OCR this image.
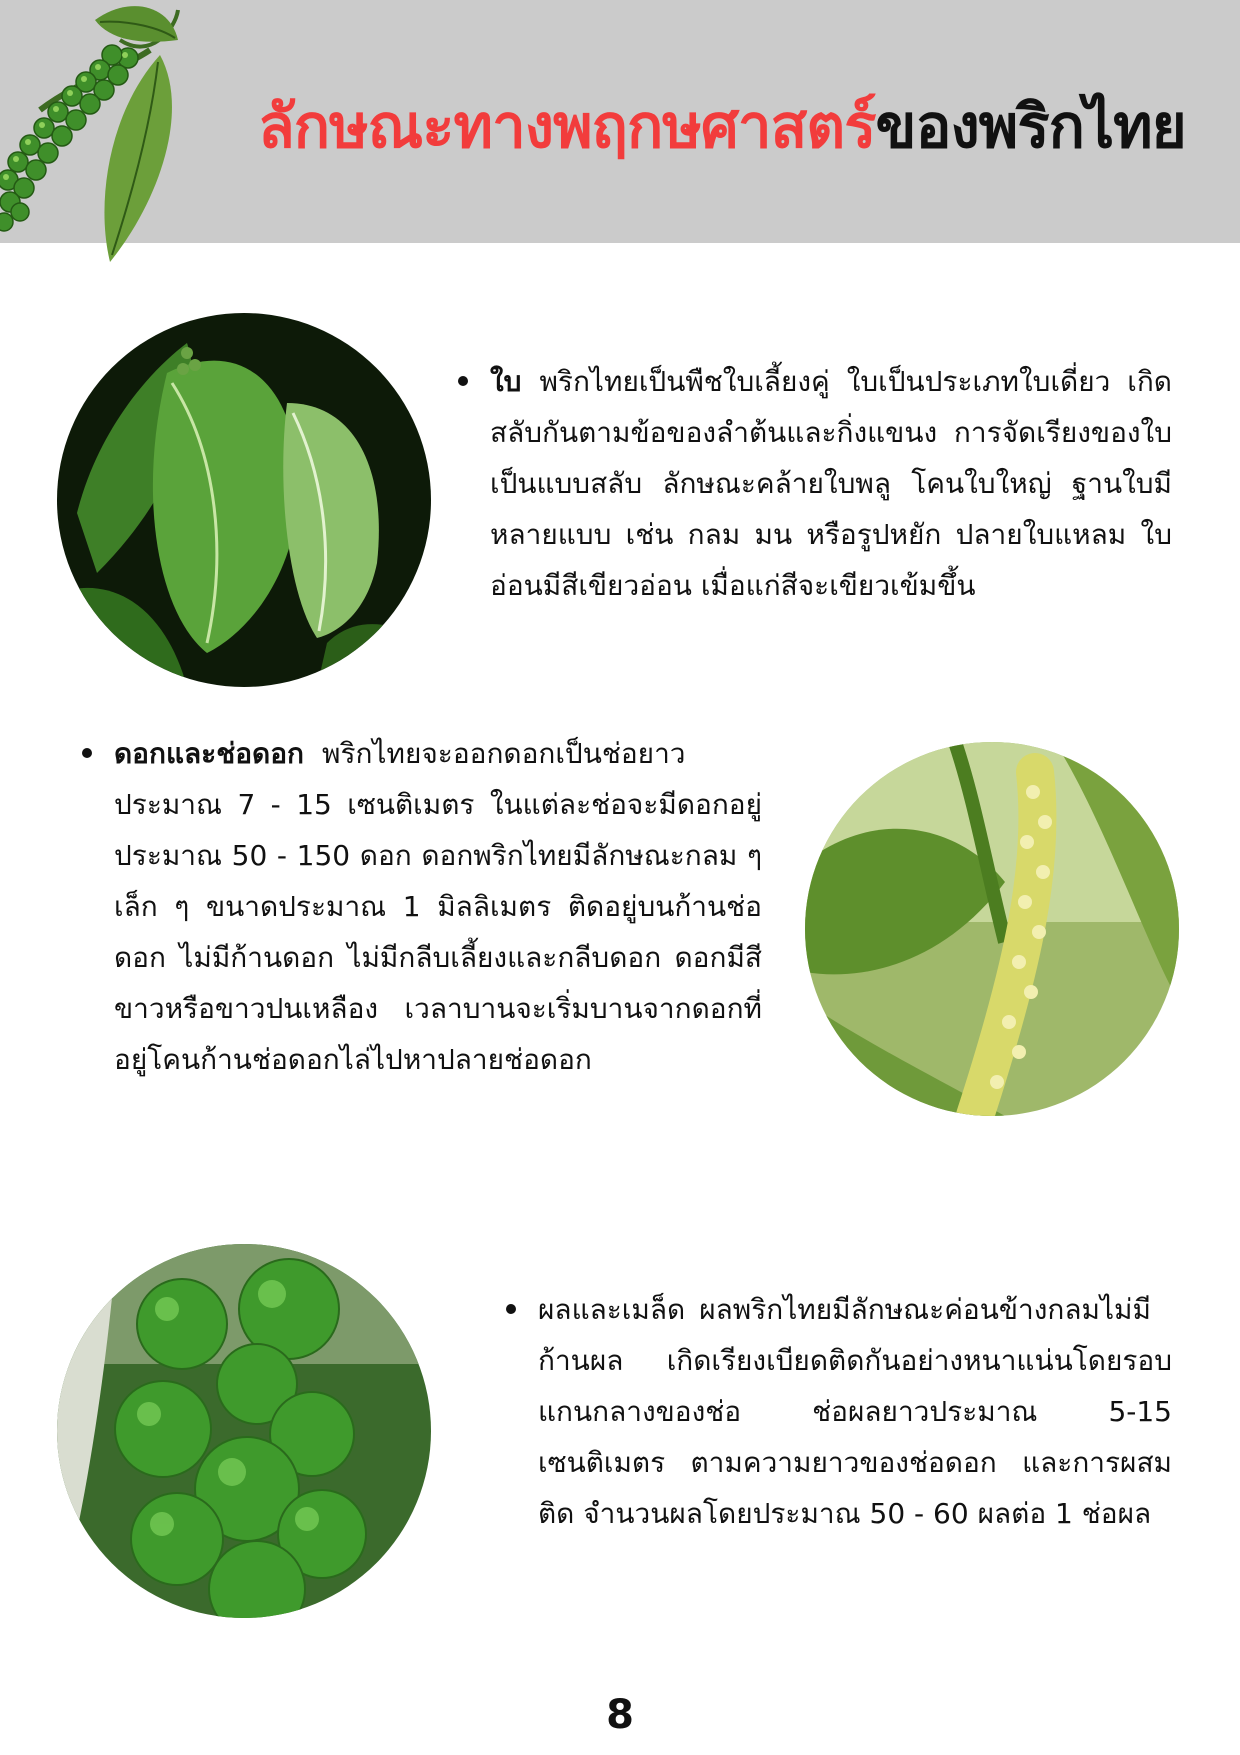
ลักษณะทางพฤกษศาสตร์ของพริกไทย
ใบ พริกไทยเป็นพืชใบเลี้ยงคู่ ใบเป็นประเภทใบเดี่ยว เกิดสลับกันตามข้อของลำต้นและกิ่งแขนง การจัดเรียงของใบเป็นแบบสลับ ลักษณะคล้ายใบพลู โคนใบใหญ่ ฐานใบมีหลายแบบ เช่น กลม มน หรือรูปหยัก ปลายใบแหลม ใบอ่อนมีสีเขียวอ่อน เมื่อแก่สีจะเขียวเข้มขึ้น
ดอกและช่อดอก พริกไทยจะออกดอกเป็นช่อยาวประมาณ 7 - 15 เซนติเมตร ในแต่ละช่อจะมีดอกอยู่ประมาณ 50 - 150 ดอก ดอกพริกไทยมีลักษณะกลม ๆ เล็ก ๆ ขนาดประมาณ 1 มิลลิเมตร ติดอยู่บนก้านช่อดอก ไม่มีก้านดอก ไม่มีกลีบเลี้ยงและกลีบดอก ดอกมีสีขาวหรือขาวปนเหลือง เวลาบานจะเริ่มบานจากดอกที่อยู่โคนก้านช่อดอกไล่ไปหาปลายช่อดอก
ผลและเมล็ด ผลพริกไทยมีลักษณะค่อนข้างกลมไม่มีก้านผล เกิดเรียงเบียดติดกันอย่างหนาแน่นโดยรอบแกนกลางของช่อ ช่อผลยาวประมาณ 5-15 เซนติเมตร ตามความยาวของช่อดอก และการผสมติด จำนวนผลโดยประมาณ 50 - 60 ผลต่อ 1 ช่อผล
8
